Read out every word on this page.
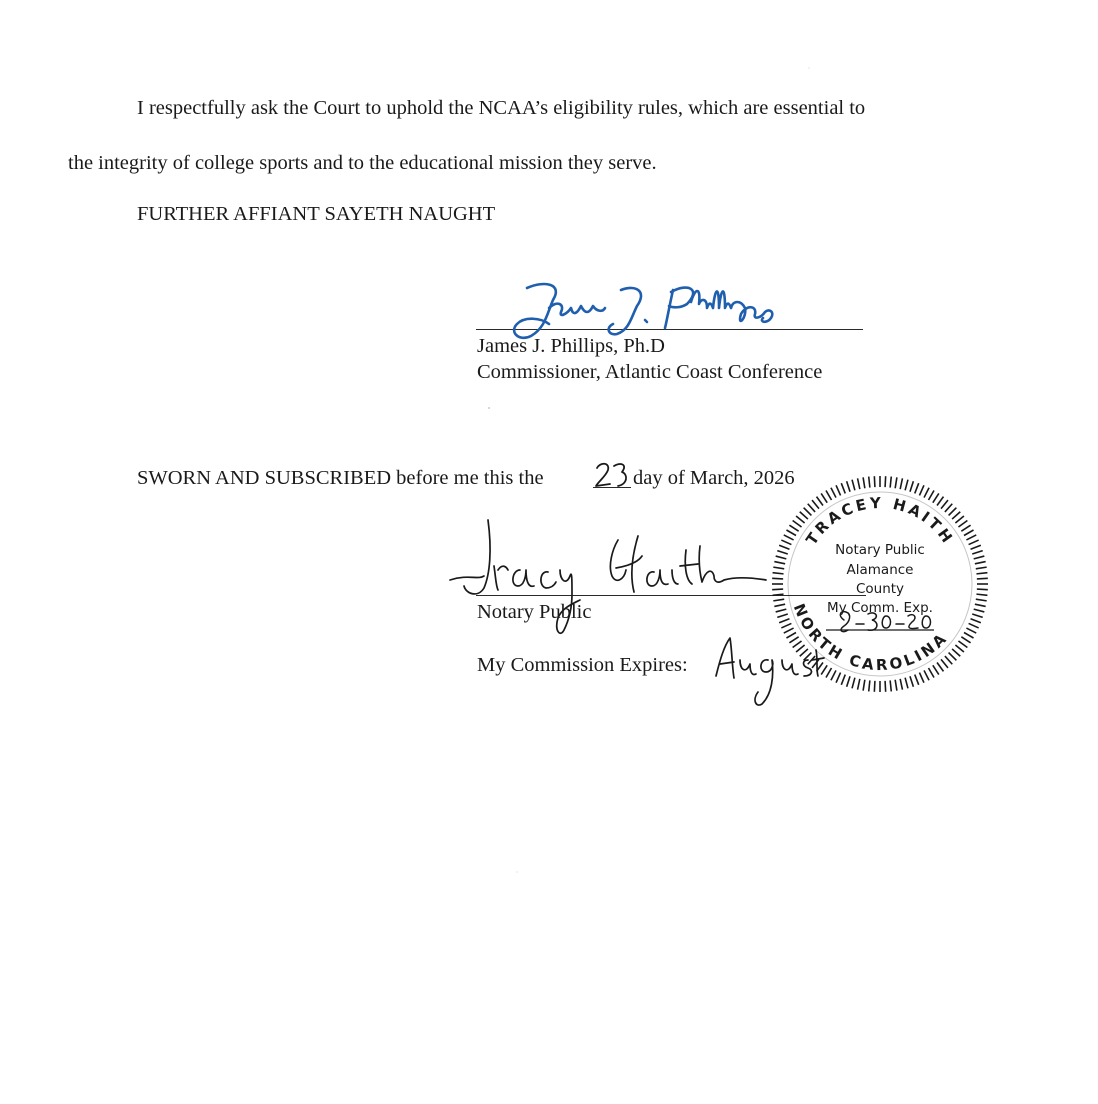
I respectfully ask the Court to uphold the NCAA’s eligibility rules, which are essential to
the integrity of college sports and to the educational mission they serve.
FURTHER AFFIANT SAYETH NAUGHT
James J. Phillips, Ph.D
Commissioner, Atlantic Coast Conference
SWORN AND SUBSCRIBED before me this the	day of March, 2026
Notary Public
My Commission Expires:
TRACEY HAITH
NORTH CAROLINA
Notary Public
Alamance
County
My Comm. Exp.
